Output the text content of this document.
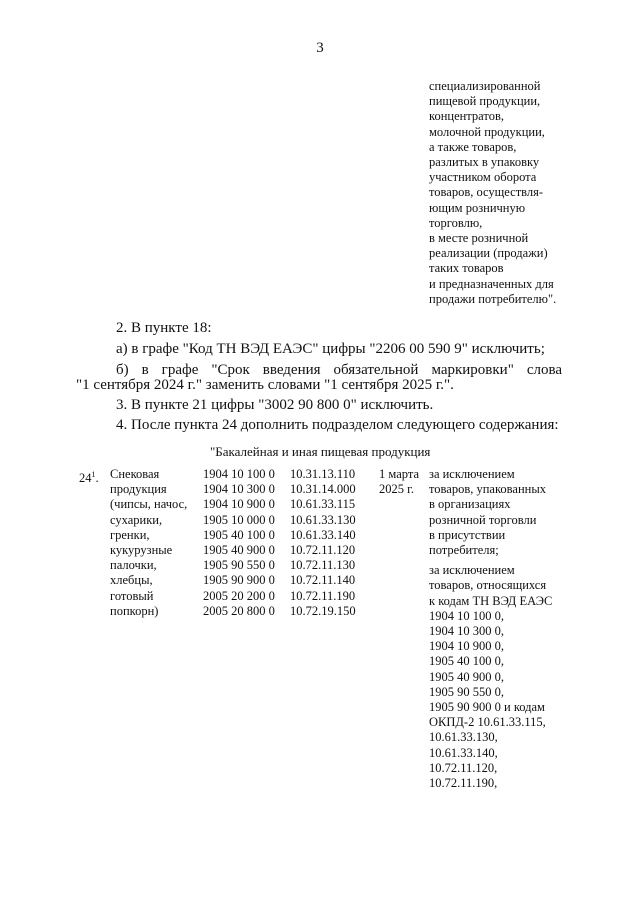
3
специализированной
пищевой продукции,
концентратов,
молочной продукции,
а также товаров,
разлитых в упаковку
участником оборота
товаров, осуществля-
ющим розничную
торговлю,
в месте розничной
реализации (продажи)
таких товаров
и предназначенных для
продажи потребителю".
2. В пункте 18:
а) в графе "Код ТН ВЭД ЕАЭС" цифры "2206 00 590 9" исключить;
б) в графе "Срок введения обязательной маркировки" слова
"1 сентября 2024 г." заменить словами "1 сентября 2025 г.".
3. В пункте 21 цифры "3002 90 800 0" исключить.
4. После пункта 24 дополнить подразделом следующего содержания:
"Бакалейная и иная пищевая продукция
$24^1$. Снековая
продукция
(чипсы, начос,
сухарики,
гренки,
кукурузные
палочки,
хлебцы,
готовый
попкорн)
1904 10 100 0
1904 10 300 0
1904 10 900 0
1905 10 000 0
1905 40 100 0
1905 40 900 0
1905 90 550 0
1905 90 900 0
2005 20 200 0
2005 20 800 0
10.31.13.110
10.31.14.000
10.61.33.115
10.61.33.130
10.61.33.140
10.72.11.120
10.72.11.130
10.72.11.140
10.72.11.190
10.72.19.150
1 марта
2025 г.
за исключением
товаров, упакованных
в организациях
розничной торговли
в присутствии
потребителя;
за исключением
товаров, относящихся
к кодам ТН ВЭД ЕАЭС
1904 10 100 0,
1904 10 300 0,
1904 10 900 0,
1905 40 100 0,
1905 40 900 0,
1905 90 550 0,
1905 90 900 0 и кодам
ОКПД-2 10.61.33.115,
10.61.33.130,
10.61.33.140,
10.72.11.120,
10.72.11.190,
